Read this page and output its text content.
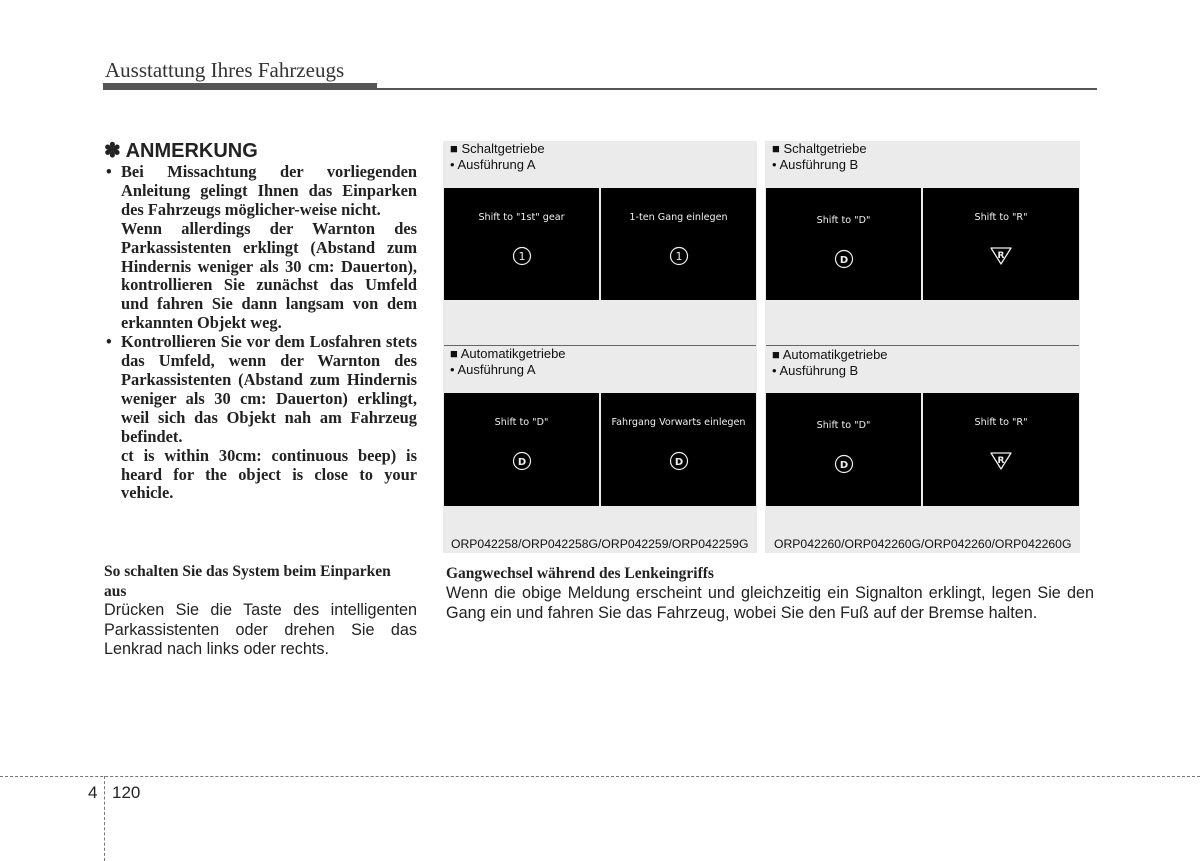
Ausstattung Ihres Fahrzeugs
✽ ANMERKUNG

• Bei Missachtung der vorliegenden Anleitung gelingt Ihnen das Einparken des Fahrzeugs möglicher-weise nicht.

Wenn allerdings der Warnton des Parkassistenten erklingt (Abstand zum Hindernis weniger als 30 cm: Dauerton), kontrollieren Sie zunächst das Umfeld und fahren Sie dann langsam von dem erkannten Objekt weg.

• Kontrollieren Sie vor dem Losfahren stets das Umfeld, wenn der Warnton des Parkassistenten (Abstand zum Hindernis weniger als 30 cm: Dauerton) erklingt, weil sich das Objekt nah am Fahrzeug befindet.

ct is within 30cm: continuous beep) is heard for the object is close to your vehicle.

So schalten Sie das System beim Einparken aus
Drücken Sie die Taste des intelligenten Parkassistenten oder drehen Sie das Lenkrad nach links oder rechts.
■ Schaltgetriebe
• Ausführung A
Shift to "1st" gear
1
1-ten Gang einlegen
1
■ Automatikgetriebe
• Ausführung A
Shift to "D"
D
Fahrgang Vorwarts einlegen
D
ORP042258/ORP042258G/ORP042259/ORP042259G
■ Schaltgetriebe
• Ausführung B
Shift to "D"
D
Shift to "R"
R
■ Automatikgetriebe
• Ausführung B
Shift to "D"
D
Shift to "R"
R
ORP042260/ORP042260G/ORP042260/ORP042260G
Gangwechsel während des Lenkeingriffs
Wenn die obige Meldung erscheint und gleichzeitig ein Signalton erklingt, legen Sie den Gang ein und fahren Sie das Fahrzeug, wobei Sie den Fuß auf der Bremse halten.
4 120
